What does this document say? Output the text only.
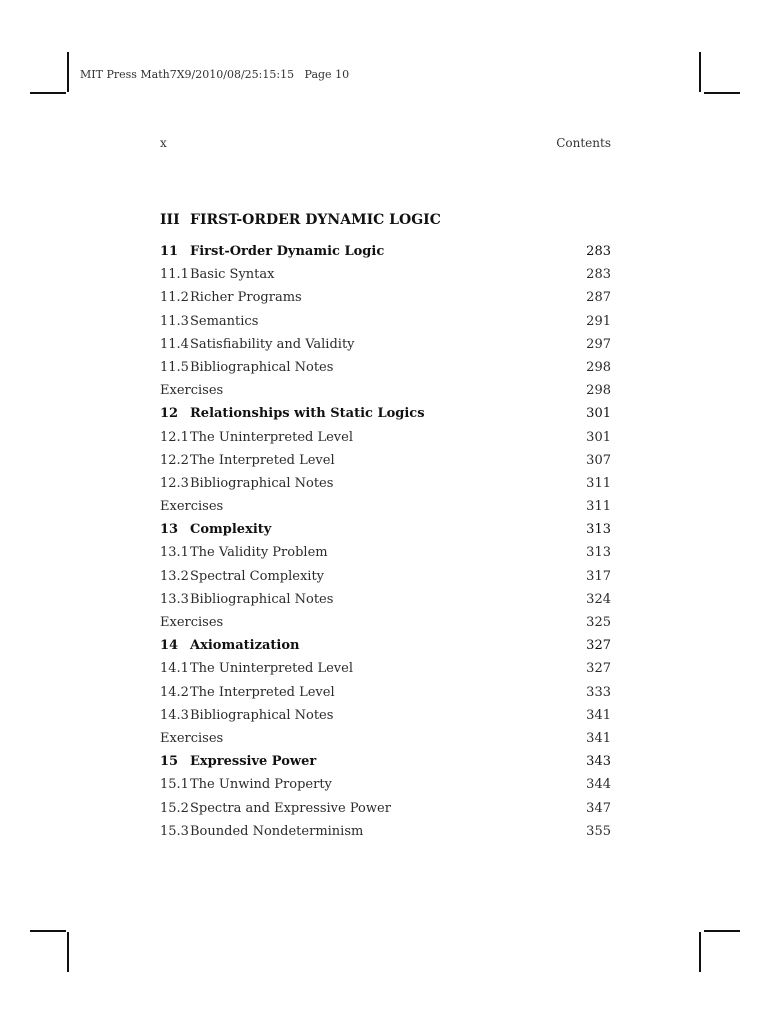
MIT Press Math7X9/2010/08/25:15:15   Page 10
x	Contents
III FIRST-ORDER DYNAMIC LOGIC
11 First-Order Dynamic Logic	283
11.1Basic Syntax	283
11.2Richer Programs	287
11.3Semantics	291
11.4Satisfiability and Validity	297
11.5Bibliographical Notes	298
Exercises	298
12 Relationships with Static Logics	301
12.1The Uninterpreted Level	301
12.2The Interpreted Level	307
12.3Bibliographical Notes	311
Exercises	311
13 Complexity	313
13.1The Validity Problem	313
13.2Spectral Complexity	317
13.3Bibliographical Notes	324
Exercises	325
14 Axiomatization	327
14.1The Uninterpreted Level	327
14.2The Interpreted Level	333
14.3Bibliographical Notes	341
Exercises	341
15 Expressive Power	343
15.1The Unwind Property	344
15.2Spectra and Expressive Power	347
15.3Bounded Nondeterminism	355
